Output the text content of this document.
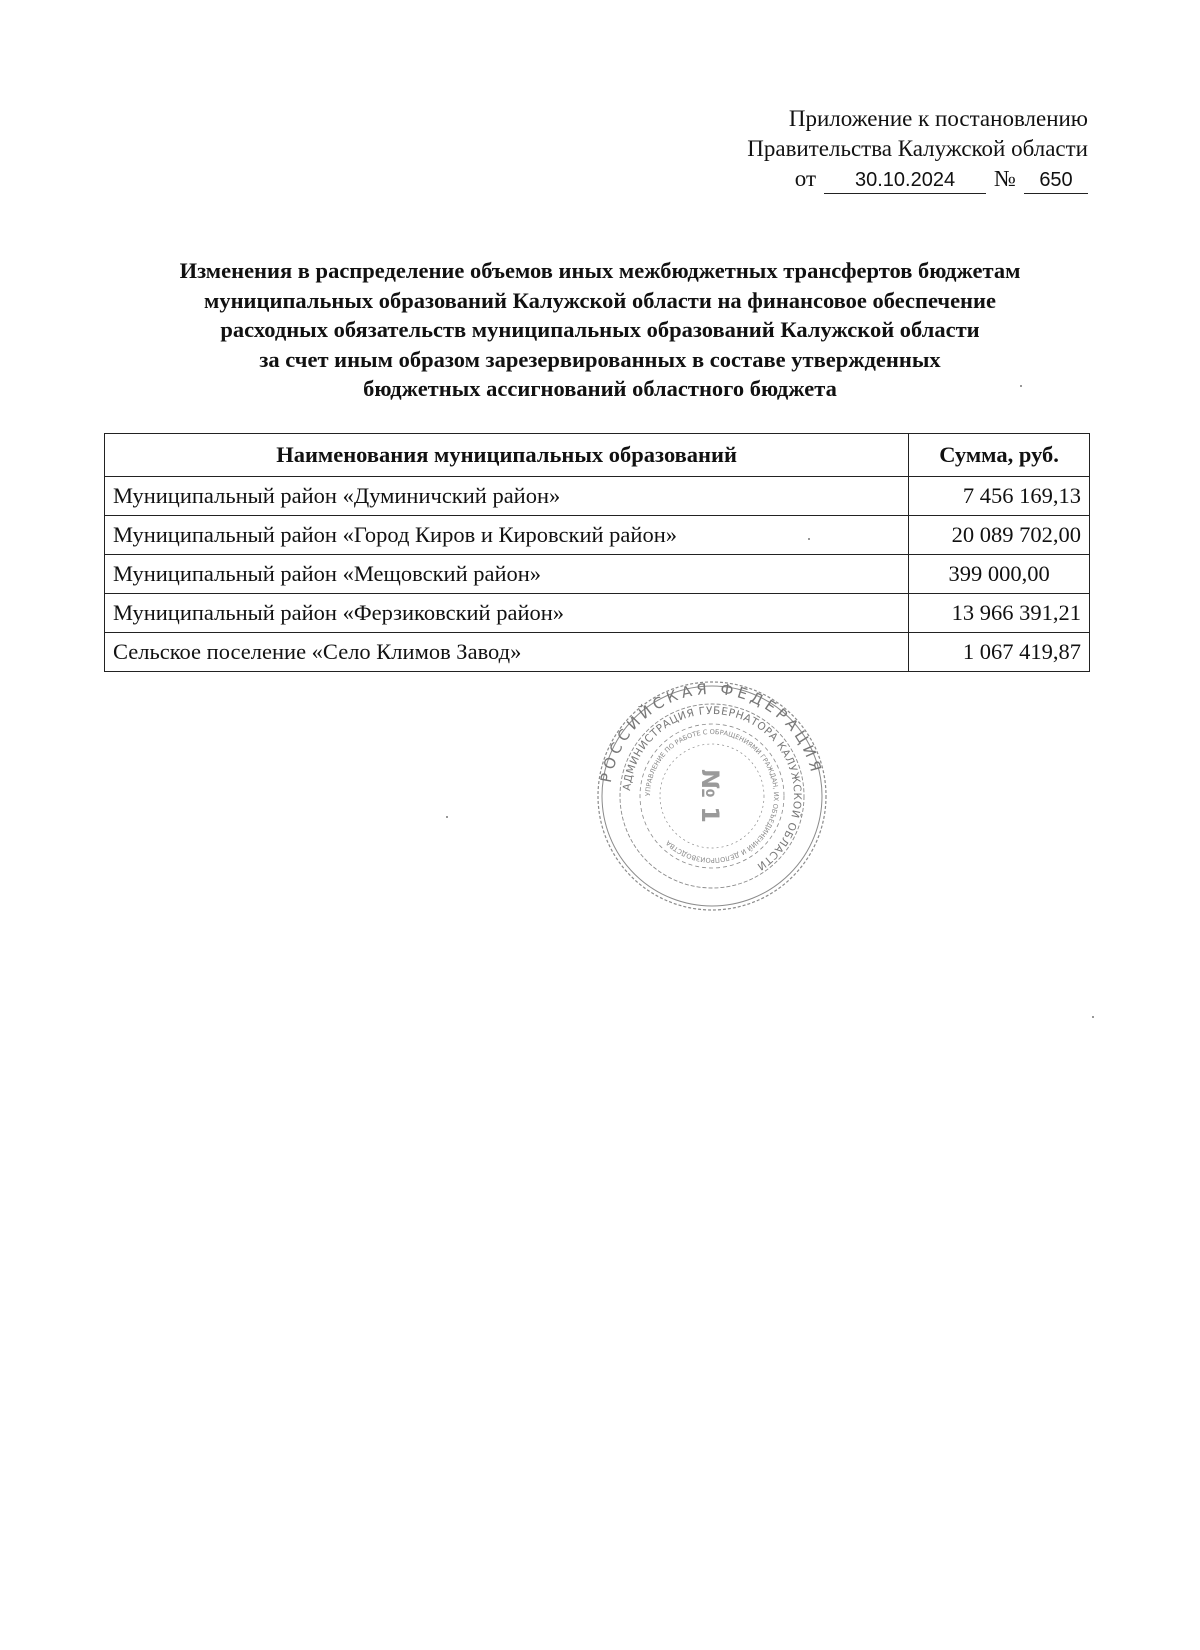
Приложение к постановлению
Правительства Калужской области
от	30.10.2024	№	650
Изменения в распределение объемов иных межбюджетных трансфертов бюджетам
муниципальных образований Калужской области на финансовое обеспечение
расходных обязательств муниципальных образований Калужской области
за счет иным образом зарезервированных в составе утвержденных
бюджетных ассигнований областного бюджета
Наименования муниципальных образований	Сумма, руб.
Муниципальный район «Думиничский район»	7 456 169,13
Муниципальный район «Город Киров и Кировский район»	20 089 702,00
Муниципальный район «Мещовский район»	399 000,00
Муниципальный район «Ферзиковский район»	13 966 391,21
Сельское поселение «Село Климов Завод»	1 067 419,87
РОССИЙСКАЯ ФЕДЕРАЦИЯ
АДМИНИСТРАЦИЯ ГУБЕРНАТОРА КАЛУЖСКОЙ ОБЛАСТИ
УПРАВЛЕНИЕ ПО РАБОТЕ С ОБРАЩЕНИЯМИ ГРАЖДАН, ИХ ОБЪЕДИНЕНИЙ И ДЕЛОПРОИЗВОДСТВА
№ 1
